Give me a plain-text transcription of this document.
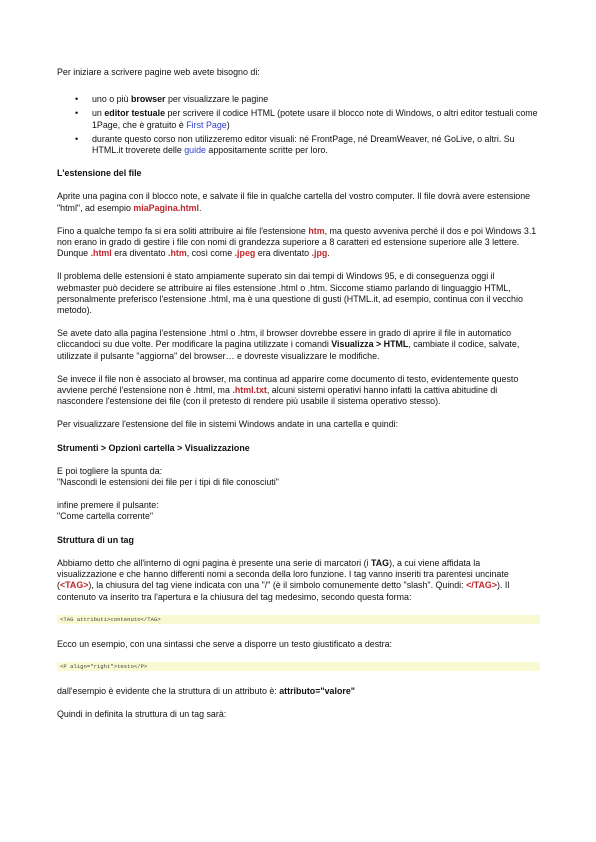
Per iniziare a scrivere pagine web avete bisogno di:

• uno o più browser per visualizzare le pagine
• un editor testuale per scrivere il codice HTML (potete usare il blocco note di Windows, o altri editor testuali come 1Page, che è gratuito è First Page)
• durante questo corso non utilizzeremo editor visuali: né FrontPage, né DreamWeaver, né GoLive, o altri. Su HTML.it troverete delle guide appositamente scritte per loro.
L'estensione del file

Aprite una pagina con il blocco note, e salvate il file in qualche cartella del vostro computer. Il file dovrà avere estensione "html", ad esempio miaPagina.html.

Fino a qualche tempo fa si era soliti attribuire ai file l'estensione htm, ma questo avveniva perché il dos e poi Windows 3.1 non erano in grado di gestire i file con nomi di grandezza superiore a 8 caratteri ed estensione superiore alle 3 lettere. Dunque .html era diventato .htm, così come .jpeg era diventato .jpg.

Il problema delle estensioni è stato ampiamente superato sin dai tempi di Windows 95, e di conseguenza oggi il webmaster può decidere se attribuire ai files estensione .html o .htm. Siccome stiamo parlando di linguaggio HTML, personalmente preferisco l'estensione .html, ma è una questione di gusti (HTML.it, ad esempio, continua con il vecchio metodo).

Se avete dato alla pagina l'estensione .html o .htm, il browser dovrebbe essere in grado di aprire il file in automatico cliccandoci su due volte. Per modificare la pagina utilizzate i comandi Visualizza > HTML, cambiate il codice, salvate, utilizzate il pulsante "aggiorna" del browser… e dovreste visualizzare le modifiche.

Se invece il file non è associato al browser, ma continua ad apparire come documento di testo, evidentemente questo avviene perché l'estensione non è .html, ma .html.txt, alcuni sistemi operativi hanno infatti la cattiva abitudine di nascondere l'estensione dei file (con il pretesto di rendere più usabile il sistema operativo stesso).

Per visualizzare l'estensione del file in sistemi Windows andate in una cartella e quindi:

Strumenti > Opzioni cartella > Visualizzazione

E poi togliere la spunta da:
"Nascondi le estensioni dei file per i tipi di file conosciuti"

infine premere il pulsante:
"Come cartella corrente"

Struttura di un tag

Abbiamo detto che all'interno di ogni pagina è presente una serie di marcatori (i TAG), a cui viene affidata la visualizzazione e che hanno differenti nomi a seconda della loro funzione. I tag vanno inseriti tra parentesi uncinate (<TAG>), la chiusura del tag viene indicata con una "/" (è il simbolo comunemente detto "slash". Quindi: </TAG>). Il contenuto va inserito tra l'apertura e la chiusura del tag medesimo, secondo questa forma:

<TAG attributi>contenuto</TAG>

Ecco un esempio, con una sintassi che serve a disporre un testo giustificato a destra:

<P align="right">testo</P>

dall'esempio è evidente che la struttura di un attributo è: attributo="valore"

Quindi in definita la struttura di un tag sarà:
